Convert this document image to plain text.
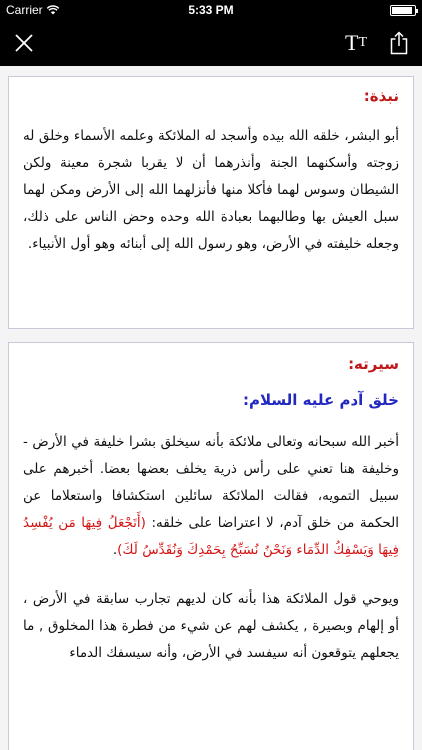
Carrier	5:33 PM
T T
نبذة:
أبو البشر، خلقه الله بيده وأسجد له الملائكة وعلمه الأسماء وخلق له زوجته وأسكنهما الجنة وأنذرهما أن لا يقربا شجرة معينة ولكن الشيطان وسوس لهما فأكلا منها فأنزلهما الله إلى الأرض ومكن لهما سبل العيش بها وطالبهما بعبادة الله وحده وحض الناس على ذلك، وجعله خليفته في الأرض، وهو رسول الله إلى أبنائه وهو أول الأنبياء.
سيرته:
خلق آدم عليه السلام:
أخبر الله سبحانه وتعالى ملائكة بأنه سيخلق بشرا خليفة في الأرض - وخليفة هنا تعني على رأس ذرية يخلف بعضها بعضا. أخبرهم على سبيل التمويه، فقالت الملائكة سائلين استكشافا واستعلاما عن الحكمة من خلق آدم، لا اعتراضا على خلقه: (أَتَجْعَلُ فِيهَا مَن يُفْسِدُ فِيهَا وَيَسْفِكُ الدِّمَاء وَنَحْنُ نُسَبِّحُ بِحَمْدِكَ وَنُقَدِّسُ لَكَ).
ويوحي قول الملائكة هذا بأنه كان لديهم تجارب سابقة في الأرض ، أو إلهام وبصيرة , يكشف لهم عن شيء من فطرة هذا المخلوق , ما يجعلهم يتوقعون أنه سيفسد في الأرض، وأنه سيسفك الدماء
